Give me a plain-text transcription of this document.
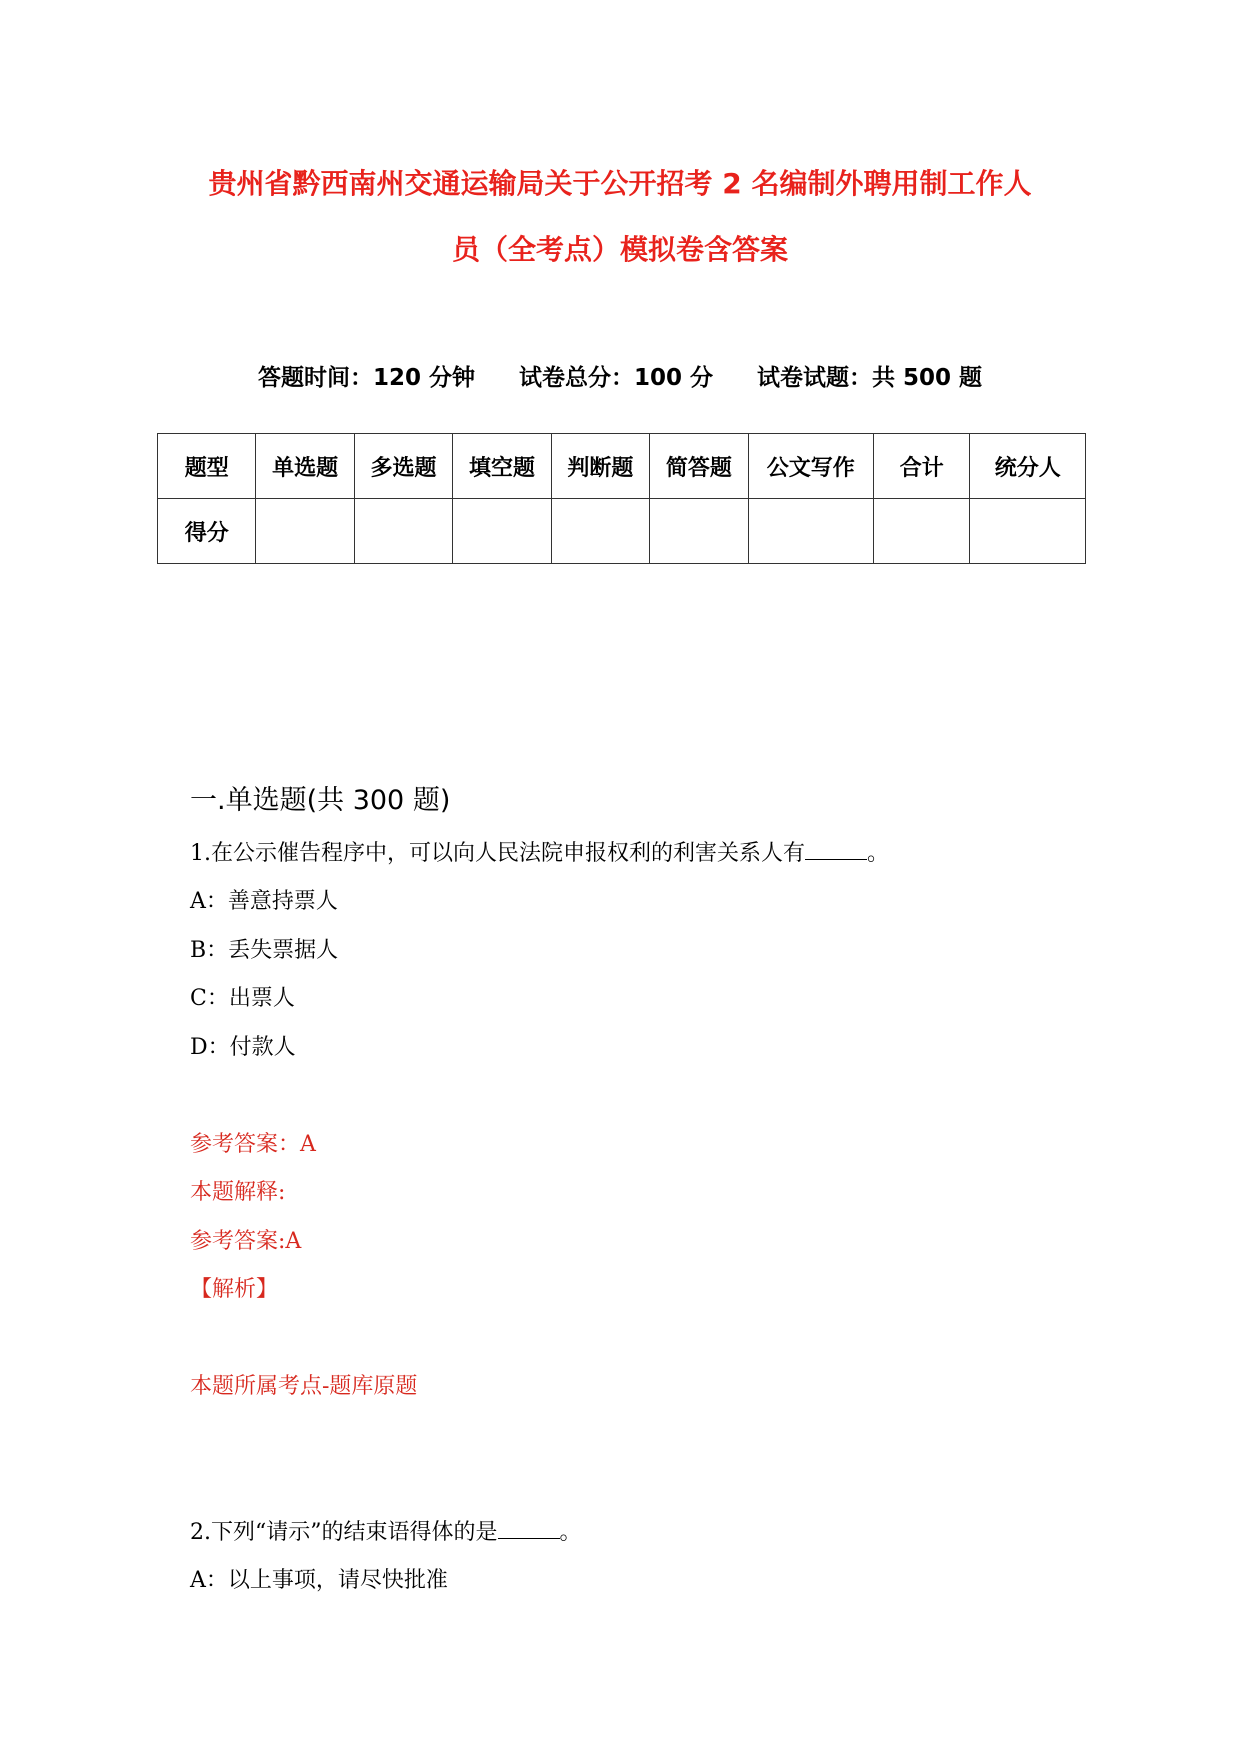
贵州省黔西南州交通运输局关于公开招考 2 名编制外聘用制工作人
员（全考点）模拟卷含答案
答题时间：120 分钟 试卷总分：100 分 试卷试题：共 500 题
题型	单选题	多选题	填空题	判断题	简答题	公文写作	合计	统分人
得分								
一.单选题(共 300 题)
1.在公示催告程序中，可以向人民法院申报权利的利害关系人有	。
A：善意持票人
B：丢失票据人
C：出票人
D：付款人
参考答案：A
本题解释:
参考答案:A
【解析】
本题所属考点-题库原题
2.下列“请示”的结束语得体的是	。
A：以上事项，请尽快批准
